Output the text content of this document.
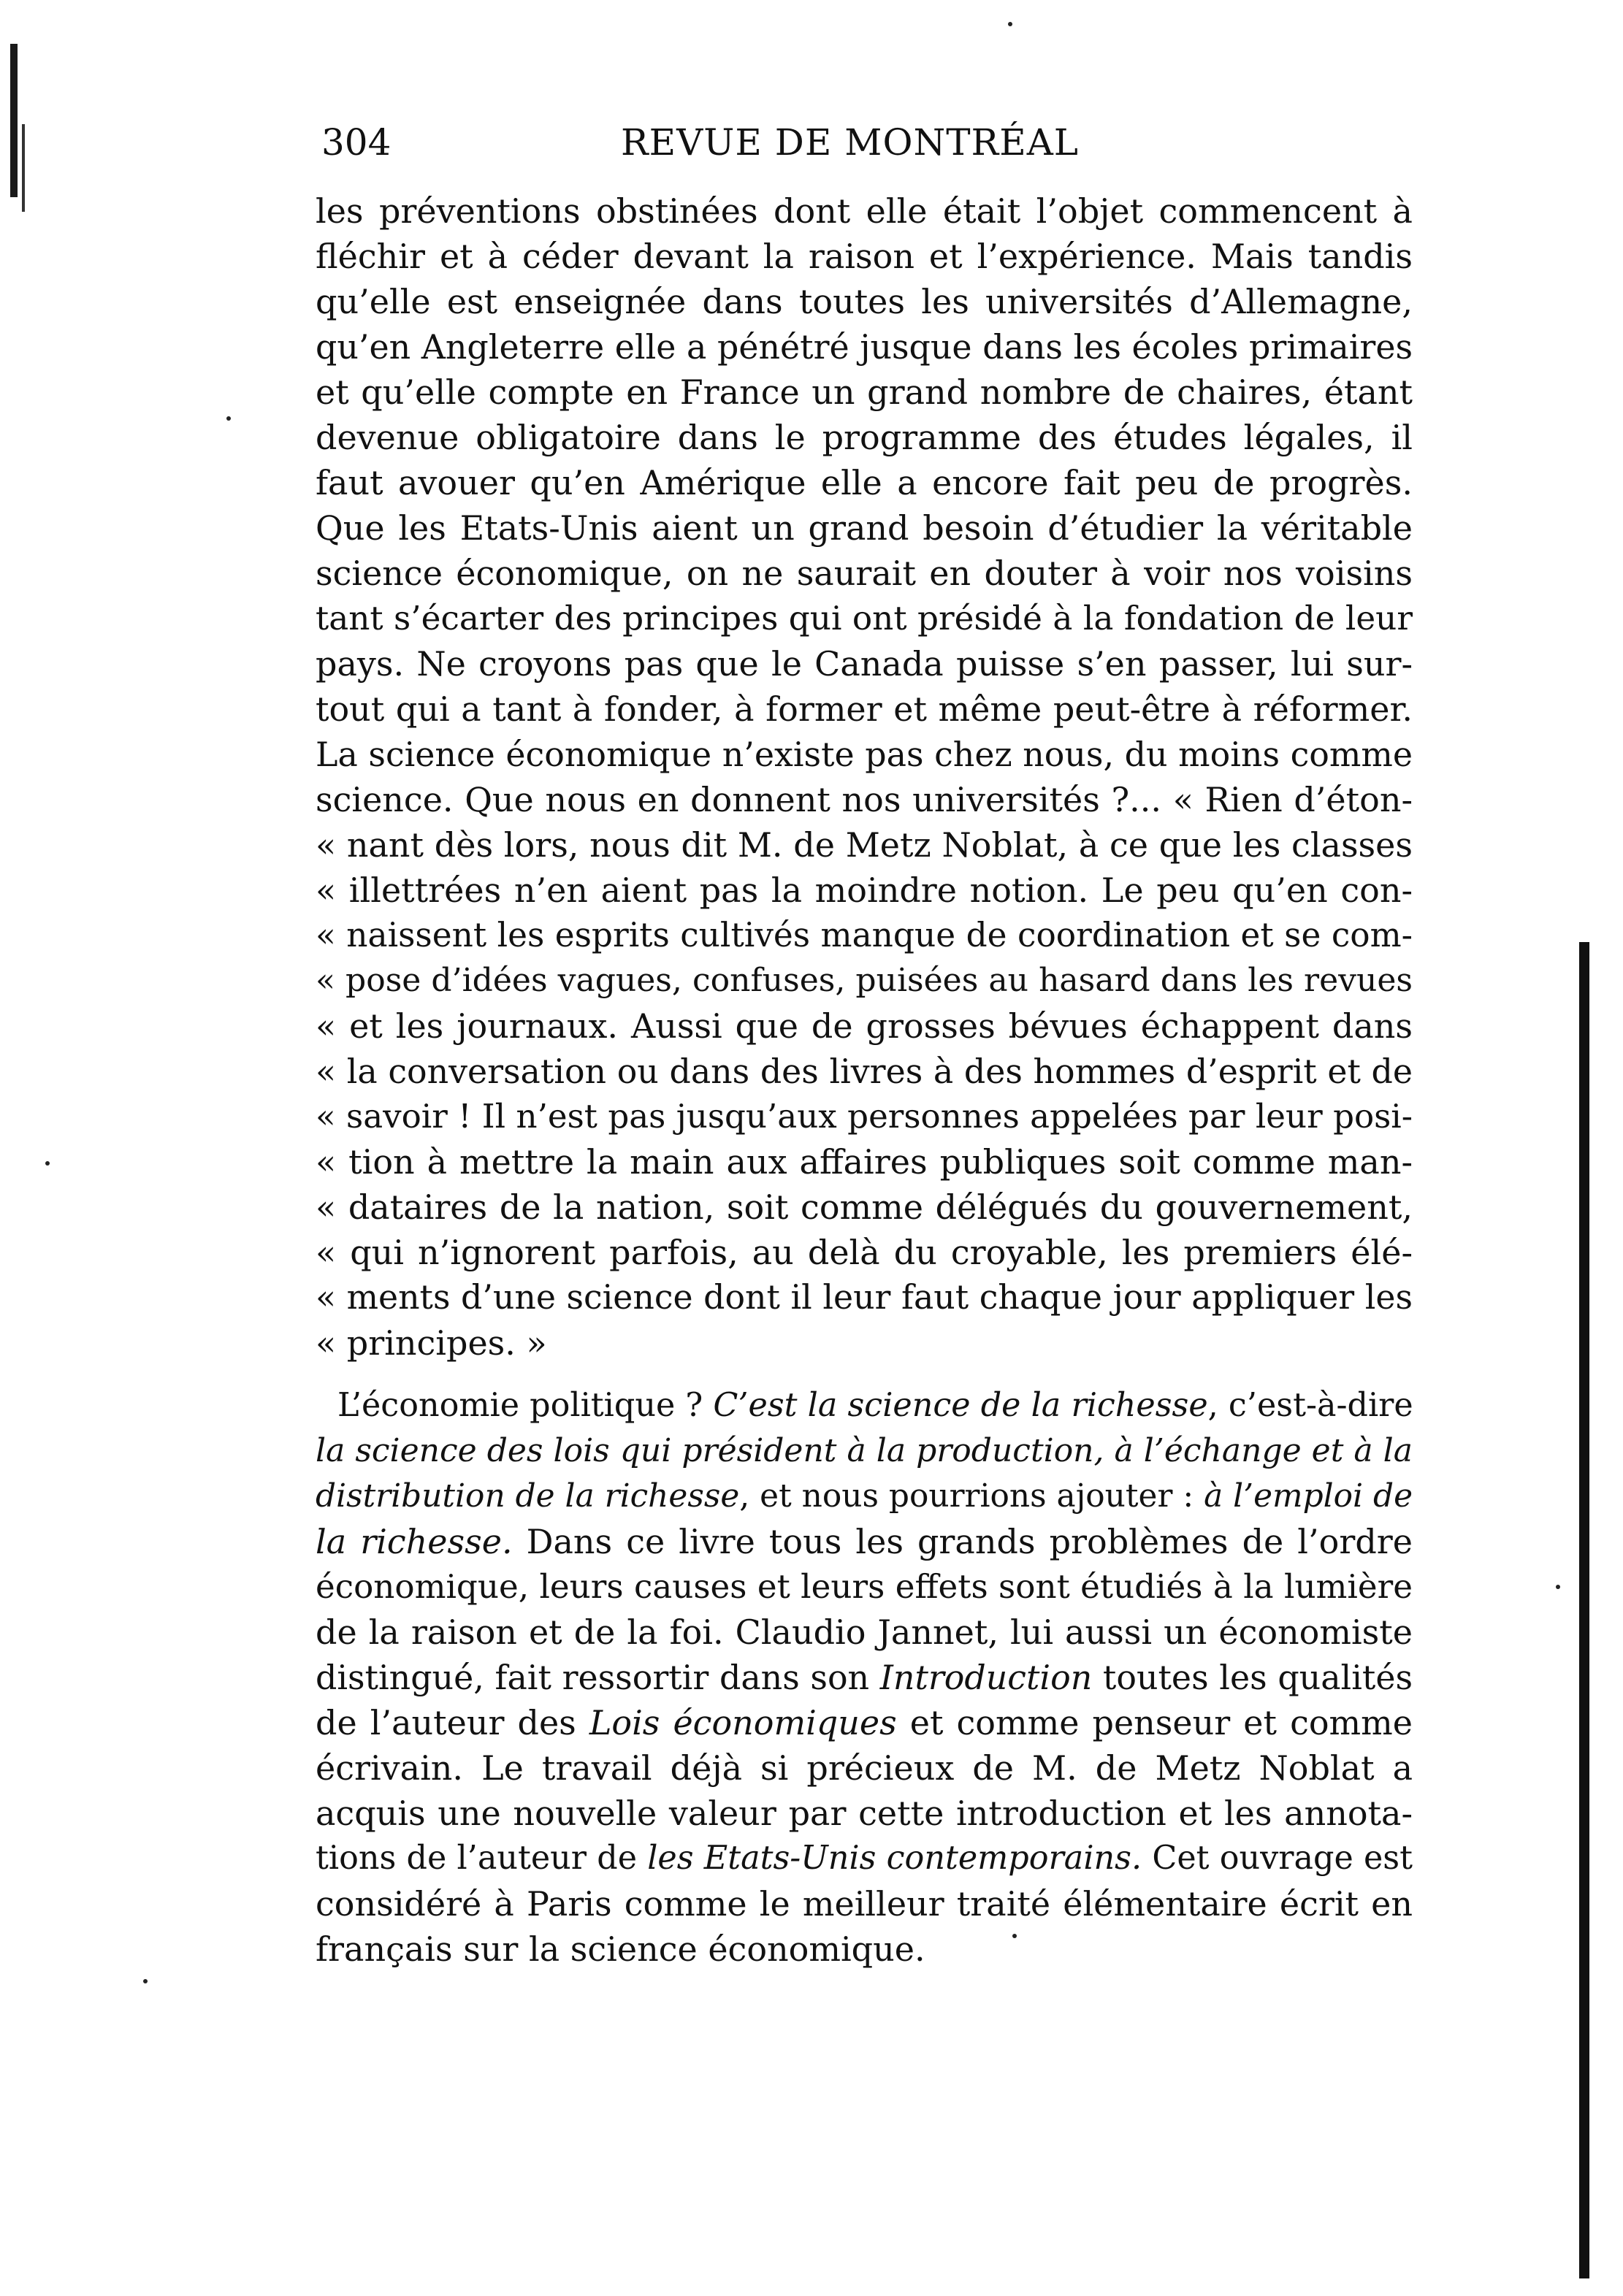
304	REVUE DE MONTRÉAL
les préventions obstinées dont elle était l’objet commencent à
fléchir et à céder devant la raison et l’expérience. Mais tandis
qu’elle est enseignée dans toutes les universités d’Allemagne,
qu’en Angleterre elle a pénétré jusque dans les écoles primaires
et qu’elle compte en France un grand nombre de chaires, étant
devenue obligatoire dans le programme des études légales, il
faut avouer qu’en Amérique elle a encore fait peu de progrès.
Que les Etats-Unis aient un grand besoin d’étudier la véritable
science économique, on ne saurait en douter à voir nos voisins
tant s’écarter des principes qui ont présidé à la fondation de leur
pays. Ne croyons pas que le Canada puisse s’en passer, lui sur-
tout qui a tant à fonder, à former et même peut-être à réformer.
La science économique n’existe pas chez nous, du moins comme
science. Que nous en donnent nos universités ?... « Rien d’éton-
« nant dès lors, nous dit M. de Metz Noblat, à ce que les classes
« illettrées n’en aient pas la moindre notion. Le peu qu’en con-
« naissent les esprits cultivés manque de coordination et se com-
« pose d’idées vagues, confuses, puisées au hasard dans les revues
« et les journaux. Aussi que de grosses bévues échappent dans
« la conversation ou dans des livres à des hommes d’esprit et de
« savoir ! Il n’est pas jusqu’aux personnes appelées par leur posi-
« tion à mettre la main aux affaires publiques soit comme man-
« dataires de la nation, soit comme délégués du gouvernement,
« qui n’ignorent parfois, au delà du croyable, les premiers élé-
« ments d’une science dont il leur faut chaque jour appliquer les
« principes. »
L’économie politique ? C’est la science de la richesse, c’est-à-dire
la science des lois qui président à la production, à l’échange et à la
distribution de la richesse, et nous pourrions ajouter : à l’emploi de
la richesse. Dans ce livre tous les grands problèmes de l’ordre
économique, leurs causes et leurs effets sont étudiés à la lumière
de la raison et de la foi. Claudio Jannet, lui aussi un économiste
distingué, fait ressortir dans son Introduction toutes les qualités
de l’auteur des Lois économiques et comme penseur et comme
écrivain. Le travail déjà si précieux de M. de Metz Noblat a
acquis une nouvelle valeur par cette introduction et les annota-
tions de l’auteur de les Etats-Unis contemporains. Cet ouvrage est
considéré à Paris comme le meilleur traité élémentaire écrit en
français sur la science économique.
